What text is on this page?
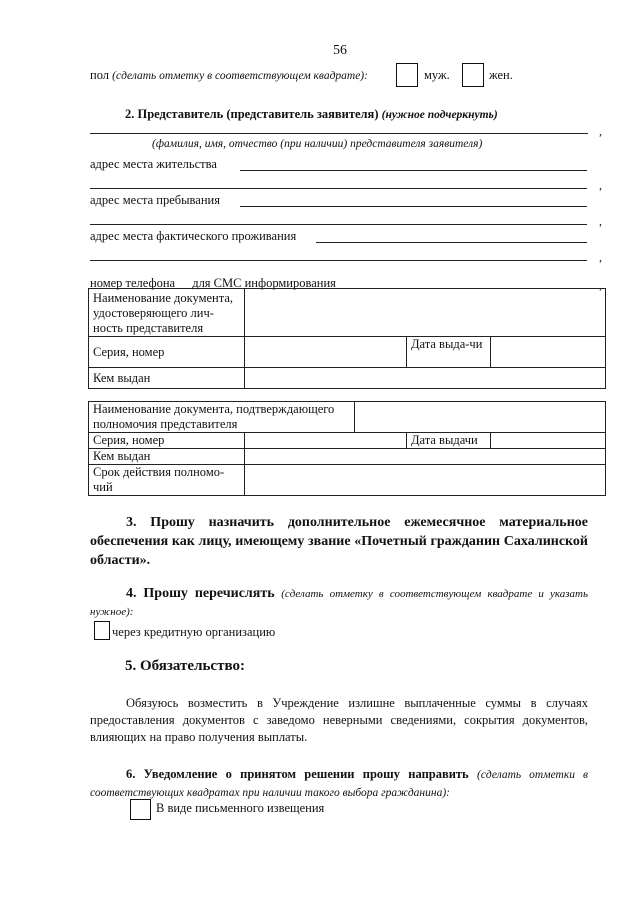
56
пол (сделать отметку в соответствующем квадрате):	муж.	жен.
2. Представитель (представитель заявителя) (нужное подчеркнуть)
,
(фамилия, имя, отчество (при наличии) представителя заявителя)
адрес места жительства
,
адрес места пребывания
,
адрес места фактического проживания
,
номер телефона для СМС информирования	,
Наименование документа, удостоверяющего лич-ность представителя			
Серия, номер		Дата выда-чи	
Кем выдан			
Наименование документа, подтверждающего полномочия представителя				
Серия, номер			Дата выдачи	
Кем выдан				
Срок действия полномо-чий				
3. Прошу назначить дополнительное ежемесячное материальное обеспечения как лицу, имеющему звание «Почетный гражданин Сахалинской области».
4. Прошу перечислять (сделать отметку в соответствующем квадрате и указать нужное):
через кредитную организацию
5. Обязательство:
Обязуюсь возместить в Учреждение излишне выплаченные суммы в случаях предоставления документов с заведомо неверными сведениями, сокрытия документов, влияющих на право получения выплаты.
6. Уведомление о принятом решении прошу направить (сделать отметки в соответствующих квадратах при наличии такого выбора гражданина):
В виде письменного извещения
